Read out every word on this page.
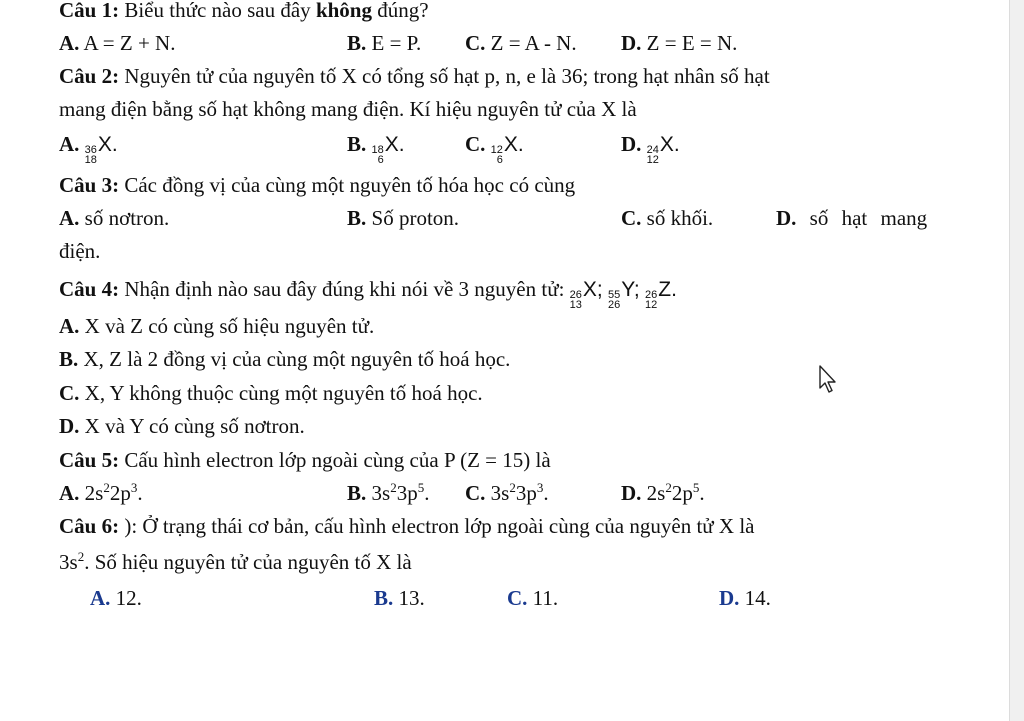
Câu 1: Biểu thức nào sau đây không đúng?
A. A = Z + N.	B. E = P. C. Z = A - N. D. Z = E = N.
Câu 2: Nguyên tử của nguyên tố X có tổng số hạt p, n, e là 36; trong hạt nhân số hạt
mang điện bằng số hạt không mang điện. Kí hiệu nguyên tử của X là
A. 36
18
X.	B. 18
6
X.	C. 12
6
X.	D. 24
12
X.
Câu 3: Các đồng vị của cùng một nguyên tố hóa học có cùng
A. số nơtron.	B. Số proton.	C. số khối.	D. số hạt mang
điện.
Câu 4: Nhận định nào sau đây đúng khi nói về 3 nguyên tử: 26
13
X;
55
26
Y;
26
12
Z.
A. X và Z có cùng số hiệu nguyên tử.
B. X, Z là 2 đồng vị của cùng một nguyên tố hoá học.
C. X, Y không thuộc cùng một nguyên tố hoá học.
D. X và Y có cùng số nơtron.
Câu 5: Cấu hình electron lớp ngoài cùng của P (Z = 15) là
A. $2s^22p^3$.	B. $3s^23p^5$. C. $3s^23p^3$.	D. $2s^22p^5$.
Câu 6: ): Ở trạng thái cơ bản, cấu hình electron lớp ngoài cùng của nguyên tử X là
$3s^2$. Số hiệu nguyên tử của nguyên tố X là
A. 12.	B. 13.	C. 11.	D. 14.
